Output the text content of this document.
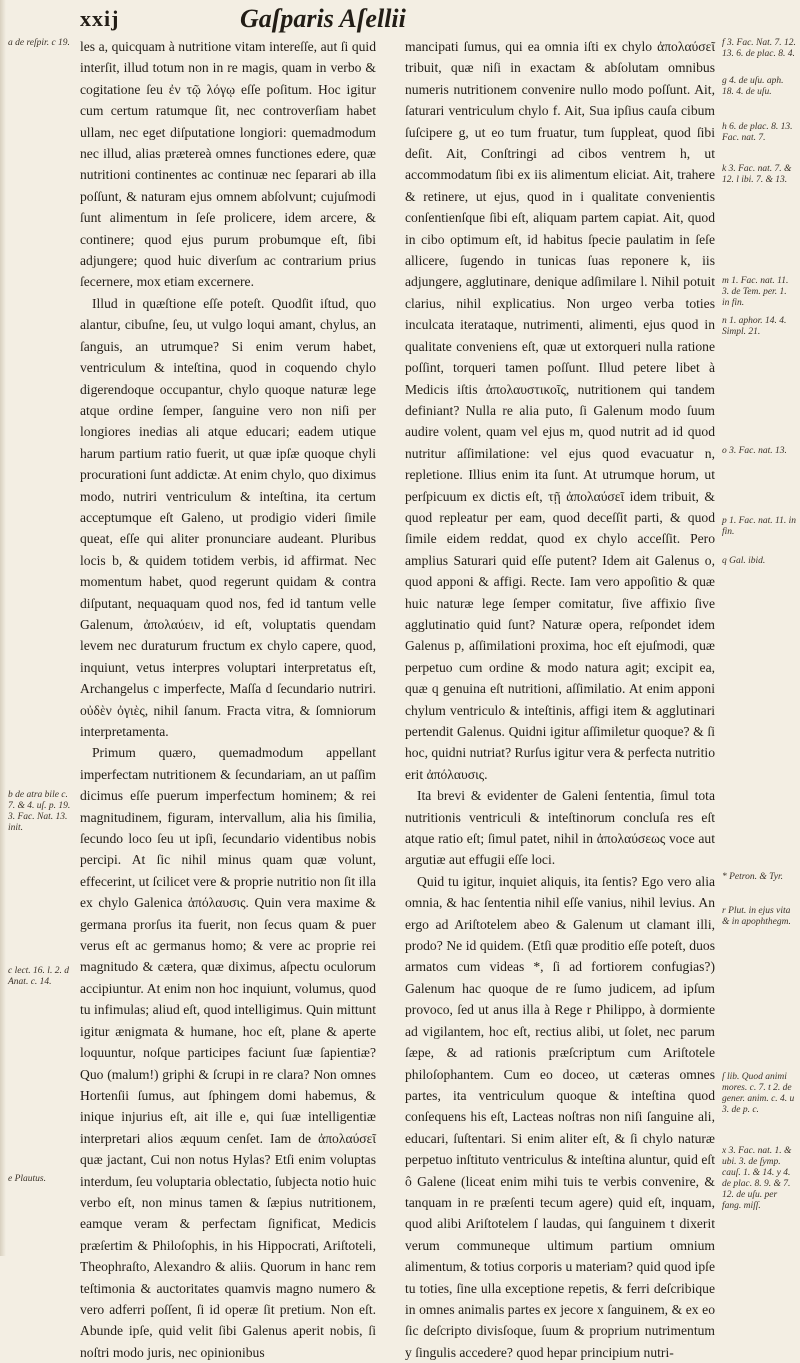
xxij	Gaſparis Aſellii
a de reſpir. c 19.
b de atra bile c. 7. & 4. uſ. p. 19. 3. Fac. Nat. 13. init.
c lect. 16. l. 2. d Anat. c. 14.
e Plautus.

les a, quicquam à nutritione vitam intereſſe, aut ſi quid interſit, illud totum non in re magis, quam in verbo & cogitatione ſeu ἐν τῷ λόγῳ eſſe poſitum. Hoc igitur cum certum ratumque ſit, nec controverſiam habet ullam, nec eget diſputatione longiori: quemadmodum nec illud, alias prætereà omnes functiones edere, quæ nutritioni continentes ac continuæ nec ſeparari ab illa poſſunt, & naturam ejus omnem abſolvunt; cujuſmodi ſunt alimentum in ſeſe prolicere, idem arcere, & continere; quod ejus purum probumque eſt, ſibi adjungere; quod huic diverſum ac contrarium prius ſecernere, mox etiam excernere.

Illud in quæſtione eſſe poteſt. Quodſit iſtud, quo alantur, cibuſne, ſeu, ut vulgo loqui amant, chylus, an ſanguis, an utrumque? Si enim verum habet, ventriculum & inteſtina, quod in coquendo chylo digerendoque occupantur, chylo quoque naturæ lege atque ordine ſemper, ſanguine vero non niſi per longiores inedias ali atque educari; eadem utique harum partium ratio fuerit, ut quæ ipſæ quoque chyli procurationi ſunt addictæ. At enim chylo, quo diximus modo, nutriri ventriculum & inteſtina, ita certum acceptumque eſt Galeno, ut prodigio videri ſimile queat, eſſe qui aliter pronunciare audeant. Pluribus locis b, & quidem totidem verbis, id affirmat. Nec momentum habet, quod regerunt quidam & contra diſputant, nequaquam quod nos, fed id tantum velle Galenum, ἀπολαύειν, id eſt, voluptatis quendam levem nec duraturum fructum ex chylo capere, quod, inquiunt, vetus interpres voluptari interpretatus eſt, Archangelus c imperfecte, Maſſa d ſecundario nutriri. οὐδὲν ὀγιὲς, nihil ſanum. Fracta vitra, & ſomniorum interpretamenta.

Primum quæro, quemadmodum appellant imperfectam nutritionem & ſecundariam, an ut paſſim dicimus eſſe puerum imperfectum hominem; & rei magnitudinem, figuram, intervallum, alia his ſimilia, ſecundo loco ſeu ut ipſi, ſecundario videntibus nobis percipi. At ſic nihil minus quam quæ volunt, effecerint, ut ſcilicet vere & proprie nutritio non ſit illa ex chylo Galenica ἀπόλαυσις. Quin vera maxime & germana prorſus ita fuerit, non ſecus quam & puer verus eſt ac germanus homo; & vere ac proprie rei magnitudo & cætera, quæ diximus, aſpectu oculorum accipiuntur. At enim non hoc inquiunt, volumus, quod tu infimulas; aliud eſt, quod intelligimus. Quin mittunt igitur ænigmata & humane, hoc eſt, plane & aperte loquuntur, noſque participes faciunt ſuæ ſapientiæ? Quo (malum!) griphi & ſcrupi in re clara? Non omnes Hortenſii ſumus, aut ſphingem domi habemus, & inique injurius eſt, ait ille e, qui ſuæ intelligentiæ interpretari alios æquum cenſet. Iam de ἀπολαύσεῖ quæ jactant, Cui non notus Hylas? Etſi enim voluptas interdum, ſeu voluptaria oblectatio, ſubjecta notio huic verbo eſt, non minus tamen & ſæpius nutritionem, eamque veram & perfectam ſignificat, Medicis præſertim & Philoſophis, in his Hippocrati, Ariſtoteli, Theophraſto, Alexandro & aliis. Quorum in hanc rem teſtimonia & auctoritates quamvis magno numero & vero adferri poſſent, ſi id operæ ſit pretium. Non eſt. Abunde ipſe, quid velit ſibi Galenus aperit nobis, ſi noſtri modo juris, nec opinionibus

mancipati ſumus, qui ea omnia iſti ex chylo ἀπολαύσεῖ tribuit, quæ niſi in exactam & abſolutam omnibus numeris nutritionem convenire nullo modo poſſunt. Ait, ſaturari ventriculum chylo f. Ait, Sua ipſius cauſa cibum ſuſcipere g, ut eo tum fruatur, tum ſuppleat, quod ſibi deſit. Ait, Conſtringi ad cibos ventrem h, ut accommodatum ſibi ex iis alimentum eliciat. Ait, trahere & retinere, ut ejus, quod in i qualitate convenientis conſentienſque ſibi eſt, aliquam partem capiat. Ait, quod in cibo optimum eſt, id habitus ſpecie paulatim in ſeſe allicere, ſugendo in tunicas ſuas reponere k, iis adjungere, agglutinare, denique adſimilare l. Nihil potuit clarius, nihil explicatius. Non urgeo verba toties inculcata iterataque, nutrimenti, alimenti, ejus quod in qualitate conveniens eſt, quæ ut extorqueri nulla ratione poſſint, torqueri tamen poſſunt. Illud petere libet à Medicis iſtis ἀπολαυστικοῖς, nutritionem qui tandem definiant? Nulla re alia puto, ſi Galenum modo ſuum audire volent, quam vel ejus m, quod nutrit ad id quod nutritur aſſimilatione: vel ejus quod evacuatur n, repletione. Illius enim ita ſunt. At utrumque horum, ut perſpicuum ex dictis eſt, τῇ ἀπολαύσεῖ idem tribuit, & quod repleatur per eam, quod deceſſit parti, & quod ſimile eidem reddat, quod ex chylo acceſſit. Pero amplius Saturari quid eſſe putent? Idem ait Galenus o, quod apponi & affigi. Recte. Iam vero appoſitio & quæ huic naturæ lege ſemper comitatur, ſive affixio ſive agglutinatio quid ſunt? Naturæ opera, reſpondet idem Galenus p, aſſimilationi proxima, hoc eſt ejuſmodi, quæ perpetuo cum ordine & modo natura agit; excipit ea, quæ q genuina eſt nutritioni, aſſimilatio. At enim apponi chylum ventriculo & inteſtinis, affigi item & agglutinari pertendit Galenus. Quidni igitur aſſimiletur quoque? & ſi hoc, quidni nutriat? Rurſus igitur vera & perfecta nutritio erit ἀπόλαυσις.

Ita brevi & evidenter de Galeni ſententia, ſimul tota nutritionis ventriculi & inteſtinorum concluſa res eſt atque ratio eſt; ſimul patet, nihil in ἀπολαύσεως voce aut argutiæ aut effugii eſſe loci.

Quid tu igitur, inquiet aliquis, ita ſentis? Ego vero alia omnia, & hac ſententia nihil eſſe vanius, nihil levius. An ergo ad Ariſtotelem abeo & Galenum ut clamant illi, prodo? Ne id quidem. (Etſi quæ proditio eſſe poteſt, duos armatos cum videas *, ſi ad fortiorem confugias?) Galenum hac quoque de re ſumo judicem, ad ipſum provoco, ſed ut anus illa à Rege r Philippo, à dormiente ad vigilantem, hoc eſt, rectius alibi, ut ſolet, nec parum ſæpe, & ad rationis præſcriptum cum Ariſtotele philoſophantem. Cum eo doceo, ut cæteras omnes partes, ita ventriculum quoque & inteſtina quod conſequens his eſt, Lacteas noſtras non niſi ſanguine ali, educari, ſuſtentari. Si enim aliter eſt, & ſi chylo naturæ perpetuo inſtituto ventriculus & inteſtina aluntur, quid eſt ô Galene (liceat enim mihi tuis te verbis convenire, & tanquam in re præſenti tecum agere) quid eſt, inquam, quod alibi Ariſtotelem ſ laudas, qui ſanguinem t dixerit verum communeque ultimum partium omnium alimentum, & totius corporis u materiam? quid quod ipſe tu toties, ſine ulla exceptione repetis, & ferri deſcribique in omnes animalis partes ex jecore x ſanguinem, & ex eo ſic deſcripto divisſoque, ſuum & proprium nutrimentum y ſingulis accedere? quod hepar principium nutri-

f 3. Fac. Nat. 7. 12. 13. 6. de plac. 8. 4.
g 4. de uſu. aph. 18. 4. de uſu.
h 6. de plac. 8. 13. Fac. nat. 7.
k 3. Fac. nat. 7. & 12. l ibi. 7. & 13.
m 1. Fac. nat. 11. 3. de Tem. per. 1. in fin.
n 1. aphor. 14. 4. Simpl. 21.
o 3. Fac. nat. 13.
p 1. Fac. nat. 11. in fin.
q Gal. ibid.
* Petron. & Tyr.
r Plut. in ejus vita & in apophthegm.
ſ lib. Quod animi mores. c. 7. t 2. de gener. anim. c. 4. u 3. de p. c.
x 3. Fac. nat. 1. & ubi. 3. de ſymp. cauſ. 1. & 14. y 4. de plac. 8. 9. & 7. 12. de uſu. per fang. miſſ.
